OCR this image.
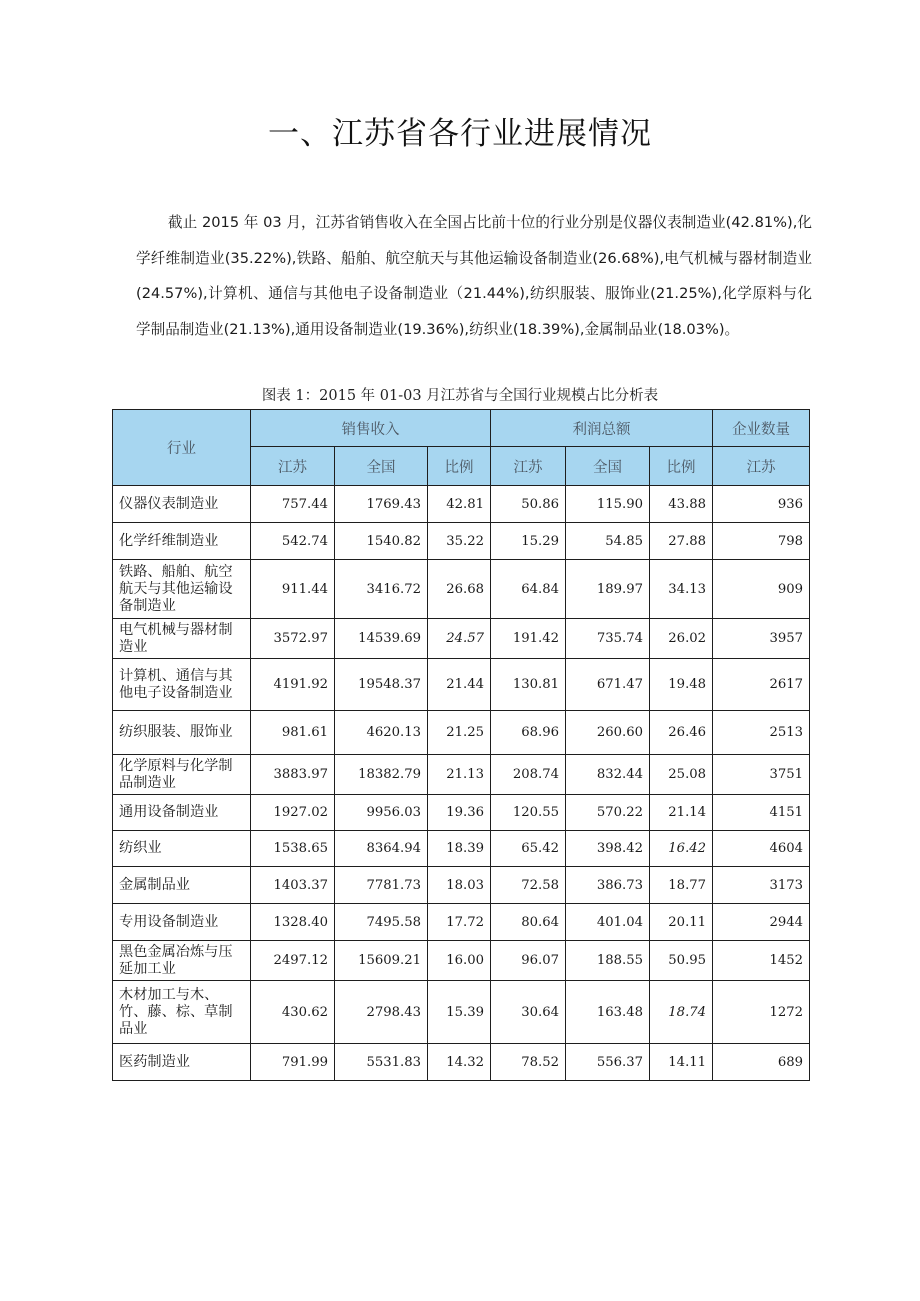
一、江苏省各行业进展情况

截止 2015 年 03 月，江苏省销售收入在全国占比前十位的行业分别是仪器仪表制造业(42.81%),化学纤维制造业(35.22%),铁路、船舶、航空航天与其他运输设备制造业(26.68%),电气机械与器材制造业(24.57%),计算机、通信与其他电子设备制造业（21.44%),纺织服装、服饰业(21.25%),化学原料与化学制品制造业(21.13%),通用设备制造业(19.36%),纺织业(18.39%),金属制品业(18.03%)。

图表 1：2015 年 01-03 月江苏省与全国行业规模占比分析表
行业	销售收入			利润总额			企业数量
	江苏	全国	比例	江苏	全国	比例	江苏
仪器仪表制造业	757.44	1769.43	42.81	50.86	115.90	43.88	936
化学纤维制造业	542.74	1540.82	35.22	15.29	54.85	27.88	798
铁路、船舶、航空航天与其他运输设备制造业	911.44	3416.72	26.68	64.84	189.97	34.13	909
电气机械与器材制造业	3572.97	14539.69	24.57	191.42	735.74	26.02	3957
计算机、通信与其他电子设备制造业	4191.92	19548.37	21.44	130.81	671.47	19.48	2617
纺织服装、服饰业	981.61	4620.13	21.25	68.96	260.60	26.46	2513
化学原料与化学制品制造业	3883.97	18382.79	21.13	208.74	832.44	25.08	3751
通用设备制造业	1927.02	9956.03	19.36	120.55	570.22	21.14	4151
纺织业	1538.65	8364.94	18.39	65.42	398.42	16.42	4604
金属制品业	1403.37	7781.73	18.03	72.58	386.73	18.77	3173
专用设备制造业	1328.40	7495.58	17.72	80.64	401.04	20.11	2944
黑色金属冶炼与压延加工业	2497.12	15609.21	16.00	96.07	188.55	50.95	1452
木材加工与木、竹、藤、棕、草制品业	430.62	2798.43	15.39	30.64	163.48	18.74	1272
医药制造业	791.99	5531.83	14.32	78.52	556.37	14.11	689
